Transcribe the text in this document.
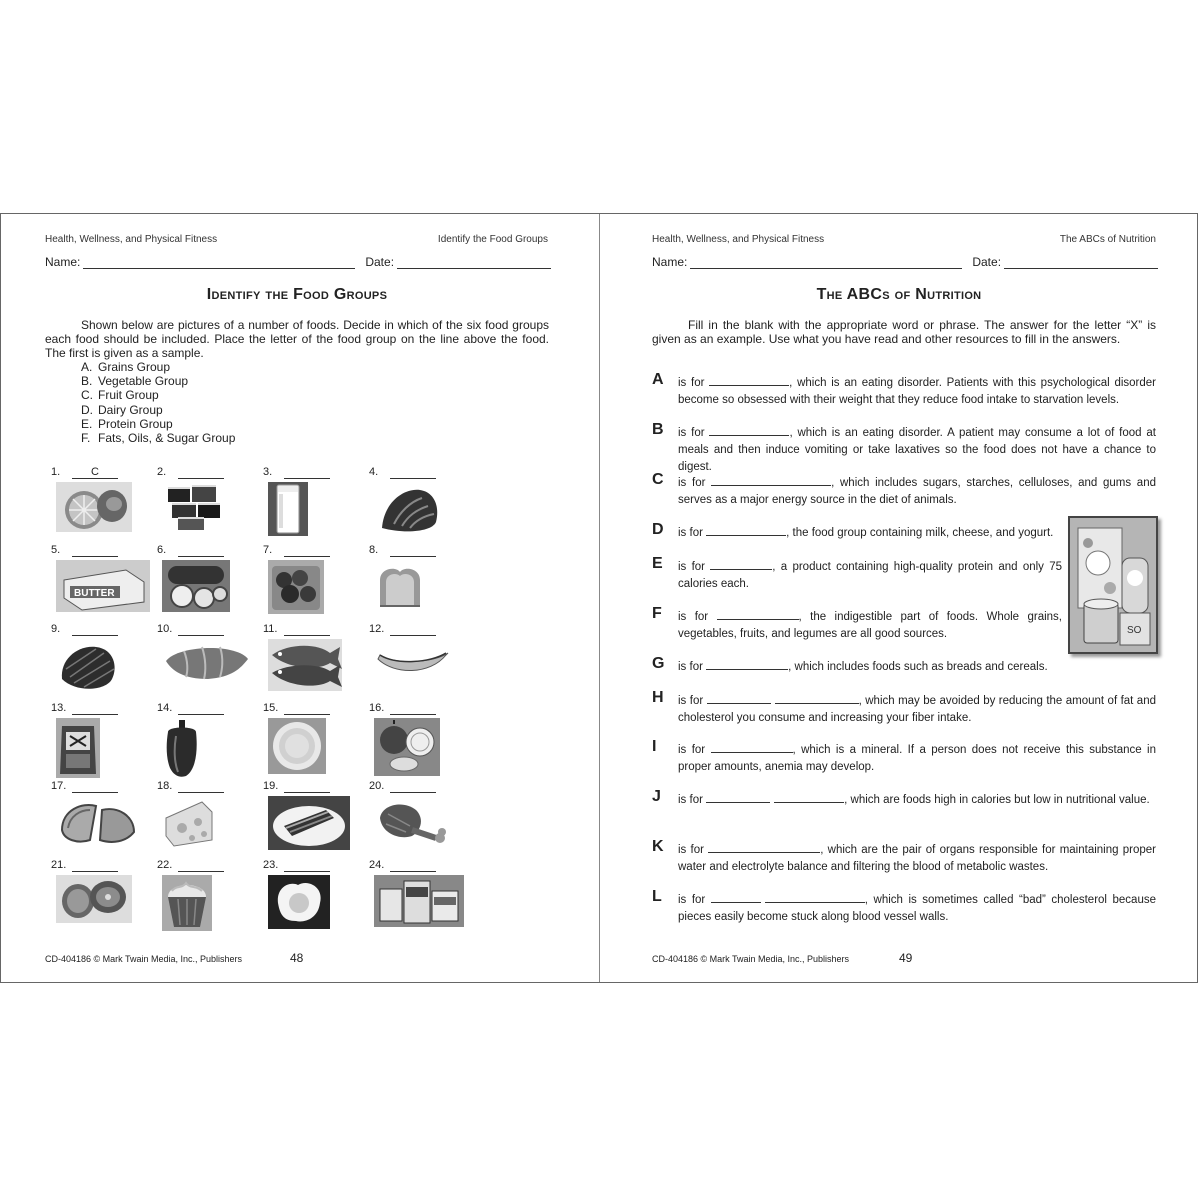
Health, Wellness, and Physical Fitness	Identify the Food Groups
Name:	Date:
Identify the Food Groups
Shown below are pictures of a number of foods. Decide in which of the six food groups each food should be included. Place the letter of the food group on the line above the food. The first is given as a sample.
A. Grains Group
B. Vegetable Group
C. Fruit Group
D. Dairy Group
E. Protein Group
F. Fats, Oils, & Sugar Group
1.	C	2.	3.	4.
5.
BUTTER
6.	7.	8.
9.	10.	11.	12.
13.	14.	15.	16.
17.	18.	19.	20.
21.	22.	23.	24.
CD-404186 © Mark Twain Media, Inc., Publishers	48
Health, Wellness, and Physical Fitness	The ABCs of Nutrition
Name:	Date:
The ABCs of Nutrition
Fill in the blank with the appropriate word or phrase. The answer for the letter “X” is given as an example. Use what you have read and other resources to fill in the answers.
A is for	, which is an eating disorder. Patients with this psychological disorder become so obsessed with their weight that they reduce food intake to starvation levels.
B is for	, which is an eating disorder. A patient may consume a lot of food at meals and then induce vomiting or take laxatives so the food does not have a chance to digest.
C is for	, which includes sugars, starches, celluloses, and gums and serves as a major energy source in the diet of animals.
D is for	, the food group containing milk, cheese, and yogurt.
E is for	, a product containing high-quality protein and only 75 calories each.
F is for	, the indigestible part of foods. Whole grains, vegetables, fruits, and legumes are all good sources.
G is for	, which includes foods such as breads and cereals.
H is for	, which may be avoided by reducing the amount of fat and cholesterol you consume and increasing your fiber intake.
I is for	, which is a mineral. If a person does not receive this substance in proper amounts, anemia may develop.
J is for	, which are foods high in calories but low in nutritional value.
K is for	, which are the pair of organs responsible for maintaining proper water and electrolyte balance and filtering the blood of metabolic wastes.
L is for	, which is sometimes called “bad” cholesterol because pieces easily become stuck along blood vessel walls.
SO
CD-404186 © Mark Twain Media, Inc., Publishers	49
